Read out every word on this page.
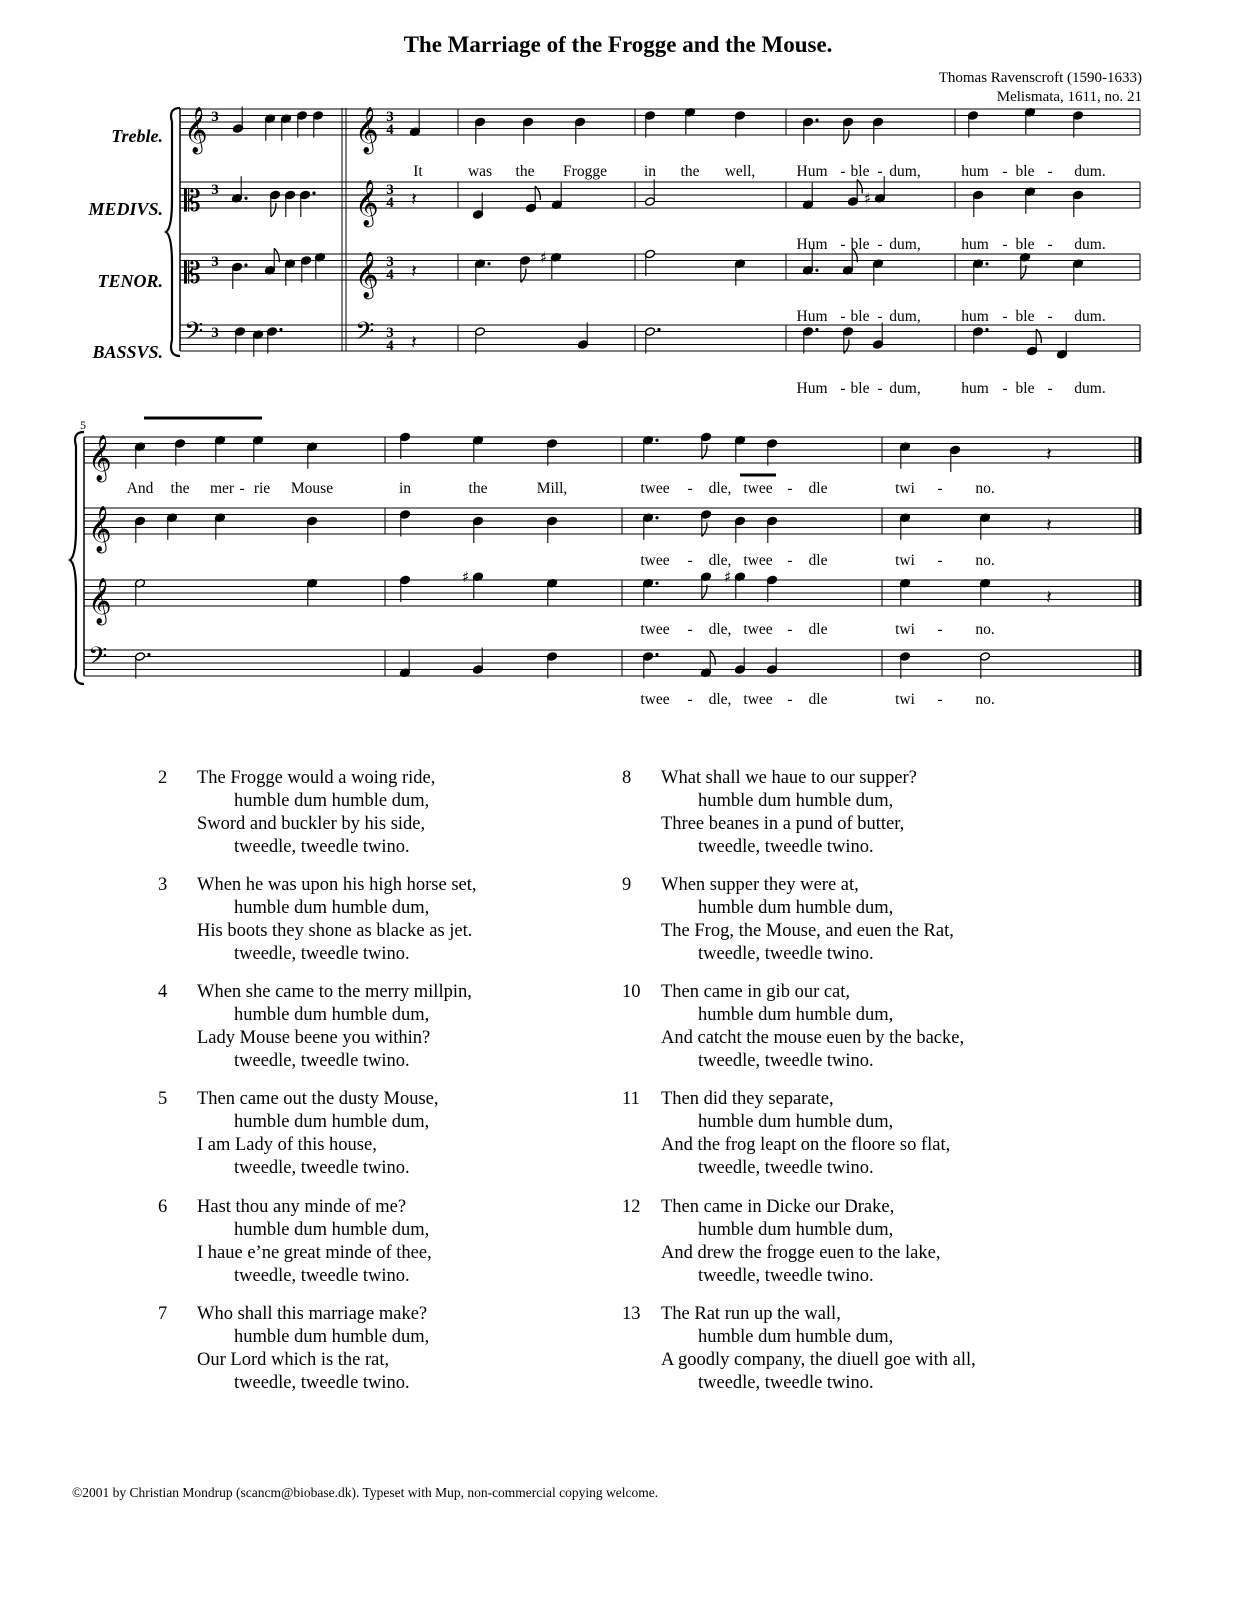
The Marriage of the Frogge and the Mouse.
Thomas Ravenscroft (1590-1633)
Melismata, 1611, no. 21
Treble.
MEDIVS.
TENOR.
BASSVS.
𝄞 3	𝄞 3
4
𝄡 3	𝄞 3
4
𝄡 3	𝄞 3
4
𝄢 3	𝄢 3
4
𝄽	♯
𝄽
♯
𝄽
It	was the Frogge in the well,	Hum - ble - dum,	hum - ble - dum.
Hum - ble - dum,	hum - ble - dum.
Hum - ble - dum,	hum - ble - dum.
Hum - ble - dum,	hum - ble - dum.
5
𝄞
𝄞
𝄞
𝄢
𝄽
𝄽
♯	♯
𝄽
And the mer - rie Mouse	in	the	Mill,	twee - dle, twee - dle	twi - no.
twee - dle, twee - dle	twi - no.
twee - dle, twee - dle	twi - no.
twee - dle, twee - dle	twi - no.
2 The Frogge would a woing ride,
humble dum humble dum,
Sword and buckler by his side,
tweedle, tweedle twino.
3 When he was upon his high horse set,
humble dum humble dum,
His boots they shone as blacke as jet.
tweedle, tweedle twino.
4 When she came to the merry millpin,
humble dum humble dum,
Lady Mouse beene you within?
tweedle, tweedle twino.
5 Then came out the dusty Mouse,
humble dum humble dum,
I am Lady of this house,
tweedle, tweedle twino.
6 Hast thou any minde of me?
humble dum humble dum,
I haue e’ne great minde of thee,
tweedle, tweedle twino.
7 Who shall this marriage make?
humble dum humble dum,
Our Lord which is the rat,
tweedle, tweedle twino.
8 What shall we haue to our supper?
humble dum humble dum,
Three beanes in a pund of butter,
tweedle, tweedle twino.
9 When supper they were at,
humble dum humble dum,
The Frog, the Mouse, and euen the Rat,
tweedle, tweedle twino.
10 Then came in gib our cat,
humble dum humble dum,
And catcht the mouse euen by the backe,
tweedle, tweedle twino.
11 Then did they separate,
humble dum humble dum,
And the frog leapt on the floore so flat,
tweedle, tweedle twino.
12 Then came in Dicke our Drake,
humble dum humble dum,
And drew the frogge euen to the lake,
tweedle, tweedle twino.
13 The Rat run up the wall,
humble dum humble dum,
A goodly company, the diuell goe with all,
tweedle, tweedle twino.
©2001 by Christian Mondrup (scancm@biobase.dk). Typeset with Mup, non-commercial copying welcome.
